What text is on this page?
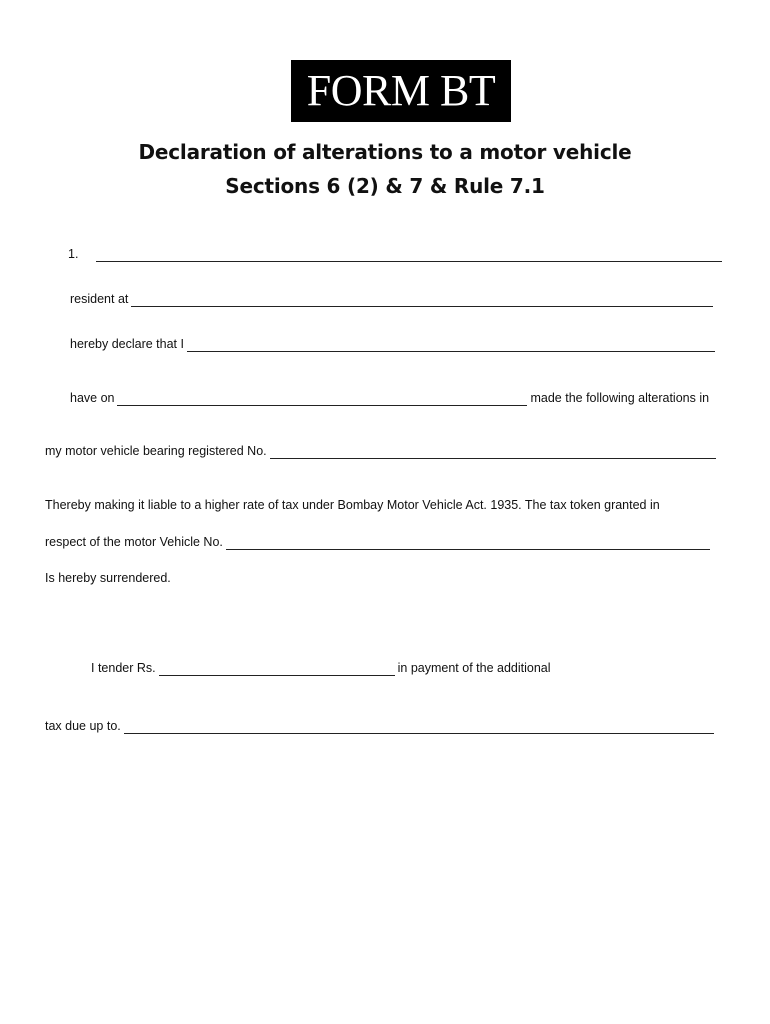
FORM BT
Declaration of alterations to a motor vehicle
Sections 6 (2) & 7 & Rule 7.1
1.
resident at
hereby declare that I
have on	made the following alterations in
my motor vehicle bearing registered No.
Thereby making it liable to a higher rate of tax under Bombay Motor Vehicle Act. 1935. The tax token granted in
respect of the motor Vehicle No.
Is hereby surrendered.
I tender Rs.	in payment of the additional
tax due up to.
